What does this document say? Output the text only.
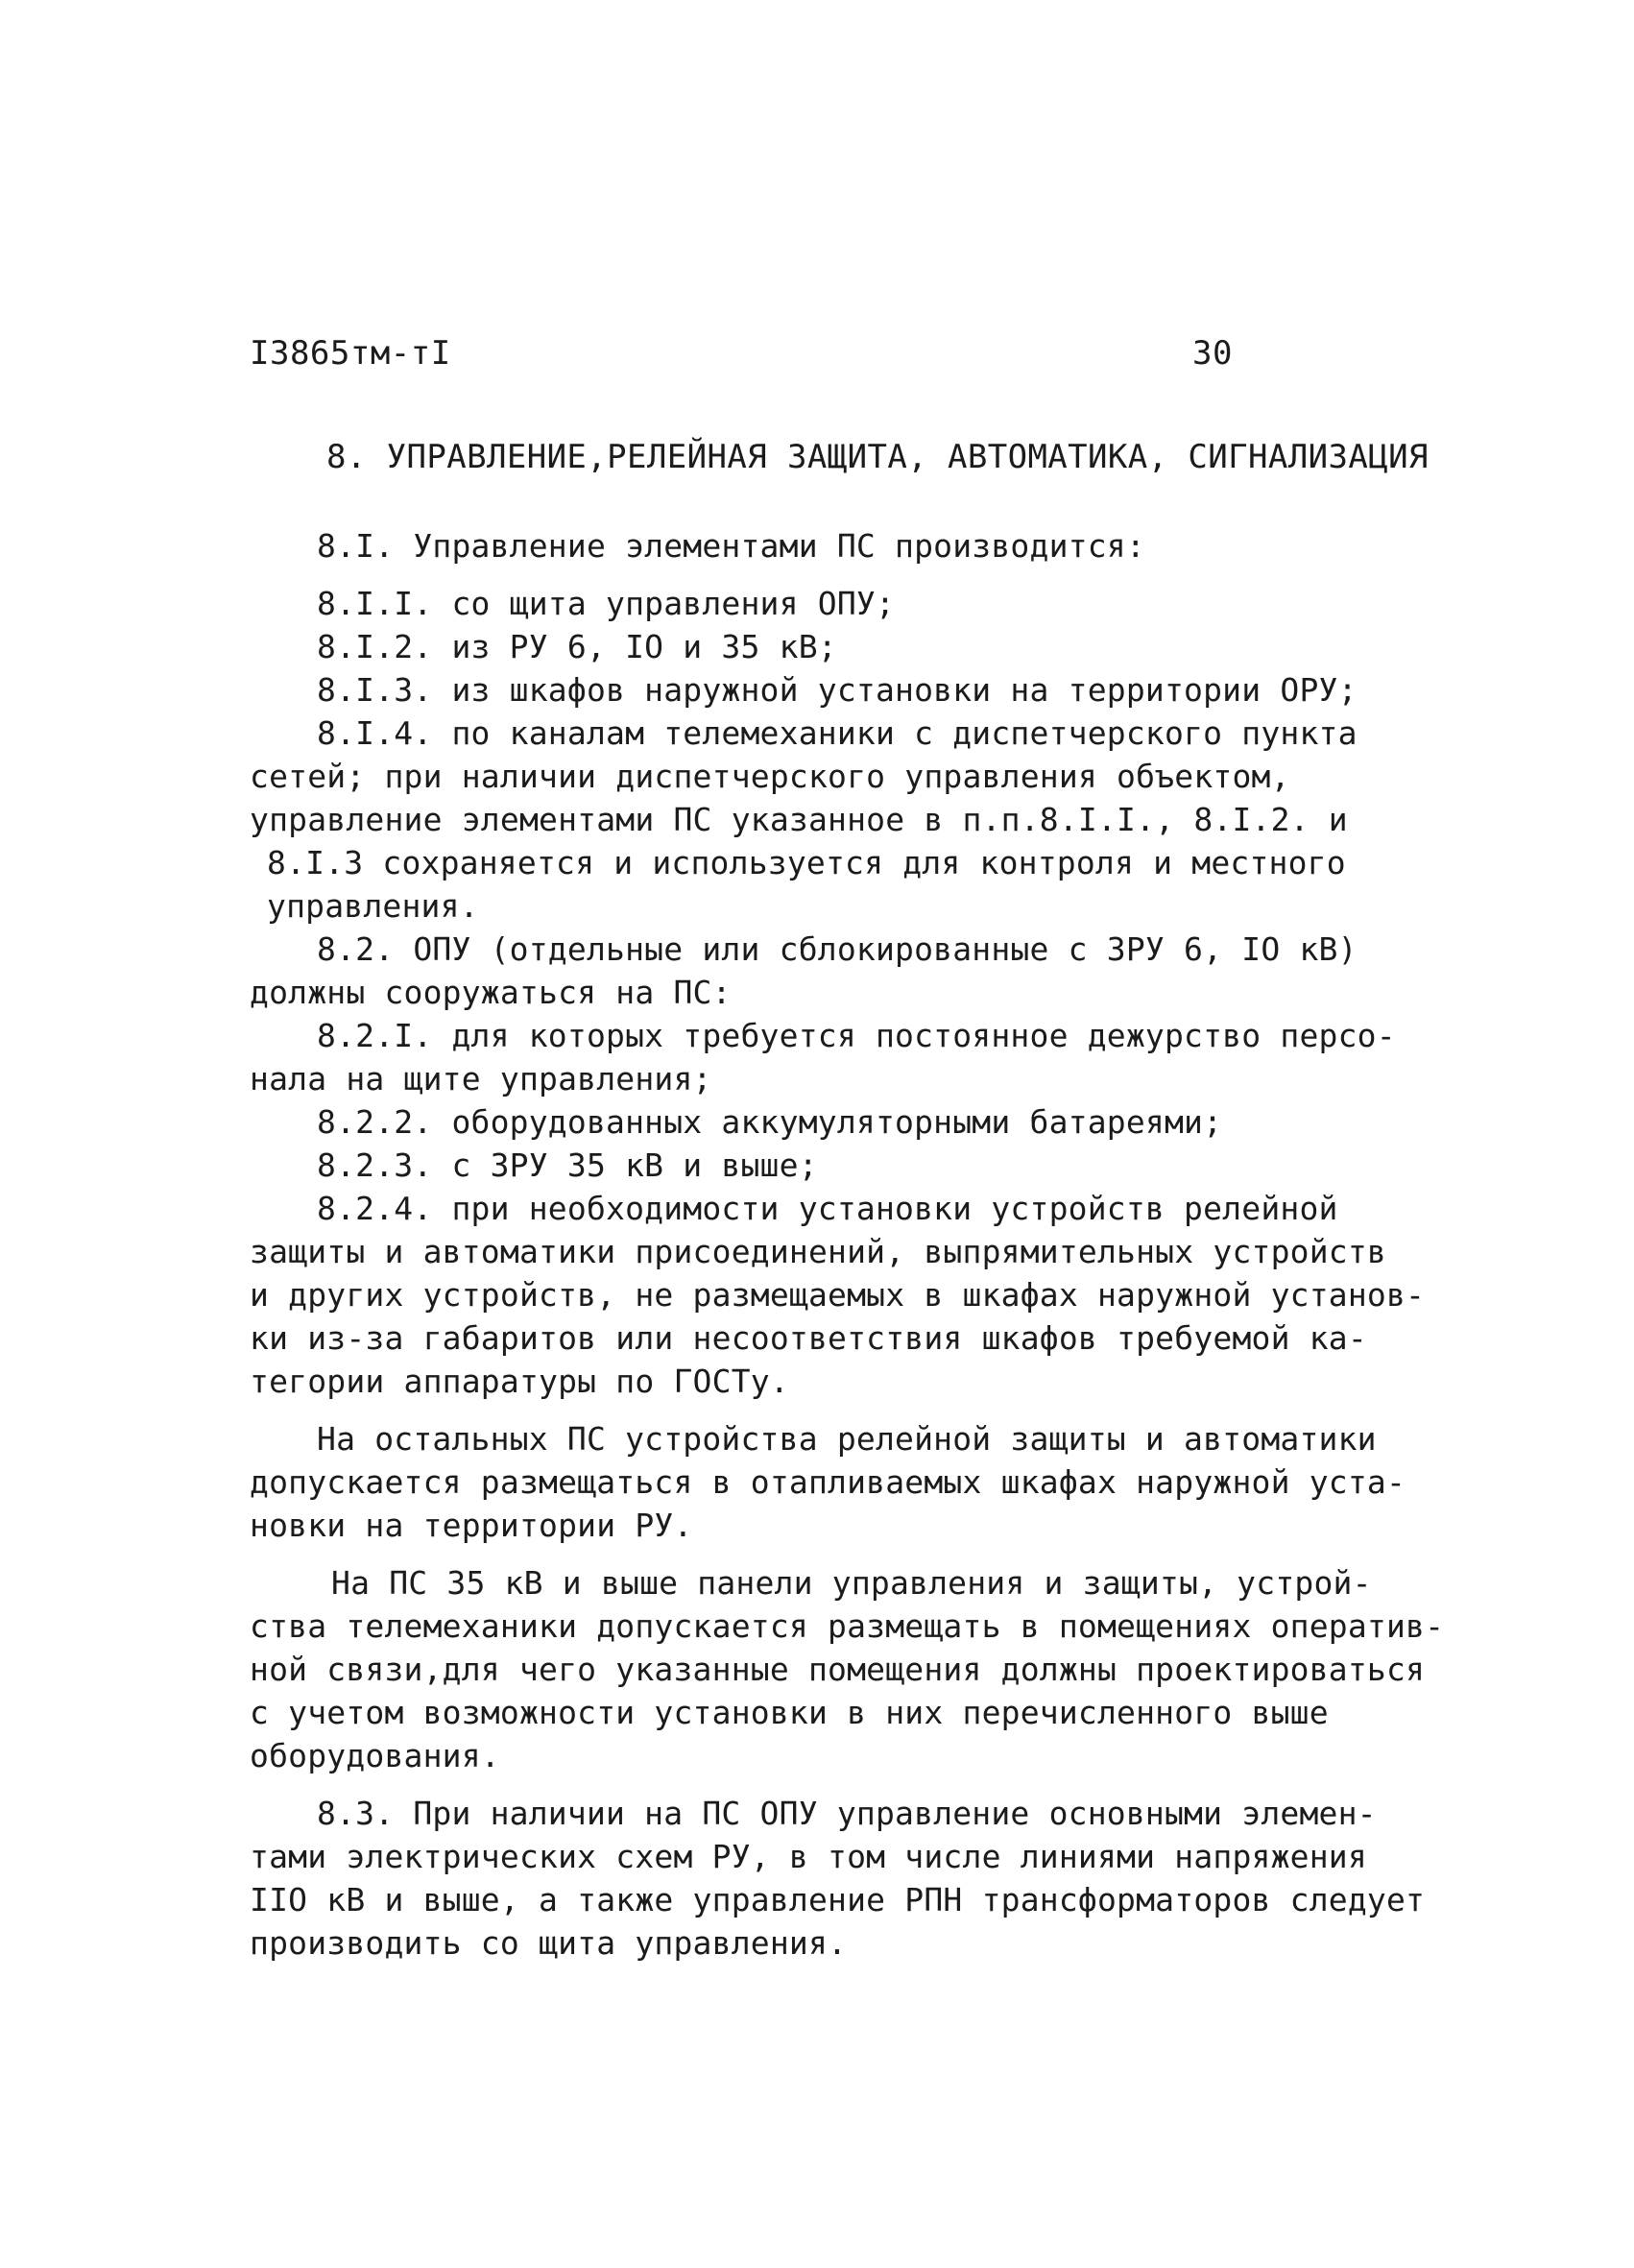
I3865тм-тI	30
8. УПРАВЛЕНИЕ,РЕЛЕЙНАЯ ЗАЩИТА, АВТОМАТИКА, СИГНАЛИЗАЦИЯ
8.I. Управление элементами ПС производится:
8.I.I. со щита управления ОПУ;
8.I.2. из РУ 6, IО и 35 кВ;
8.I.3. из шкафов наружной установки на территории ОРУ;
8.I.4. по каналам телемеханики с диспетчерского пункта
сетей; при наличии диспетчерского управления объектом,
управление элементами ПС указанное в п.п.8.I.I., 8.I.2. и
8.I.3 сохраняется и используется для контроля и местного
управления.
8.2. ОПУ (отдельные или сблокированные с ЗРУ 6, IО кВ)
должны сооружаться на ПС:
8.2.I. для которых требуется постоянное дежурство персо-
нала на щите управления;
8.2.2. оборудованных аккумуляторными батареями;
8.2.3. с ЗРУ 35 кВ и выше;
8.2.4. при необходимости установки устройств релейной
защиты и автоматики присоединений, выпрямительных устройств
и других устройств, не размещаемых в шкафах наружной установ-
ки из-за габаритов или несоответствия шкафов требуемой ка-
тегории аппаратуры по ГОСТу.
На остальных ПС устройства релейной защиты и автоматики
допускается размещаться в отапливаемых шкафах наружной уста-
новки на территории РУ.
На ПС 35 кВ и выше панели управления и защиты, устрой-
ства телемеханики допускается размещать в помещениях оператив-
ной связи,для чего указанные помещения должны проектироваться
с учетом возможности установки в них перечисленного выше
оборудования.
8.3. При наличии на ПС ОПУ управление основными элемен-
тами электрических схем РУ, в том числе линиями напряжения
IIО кВ и выше, а также управление РПН трансформаторов следует
производить со щита управления.
